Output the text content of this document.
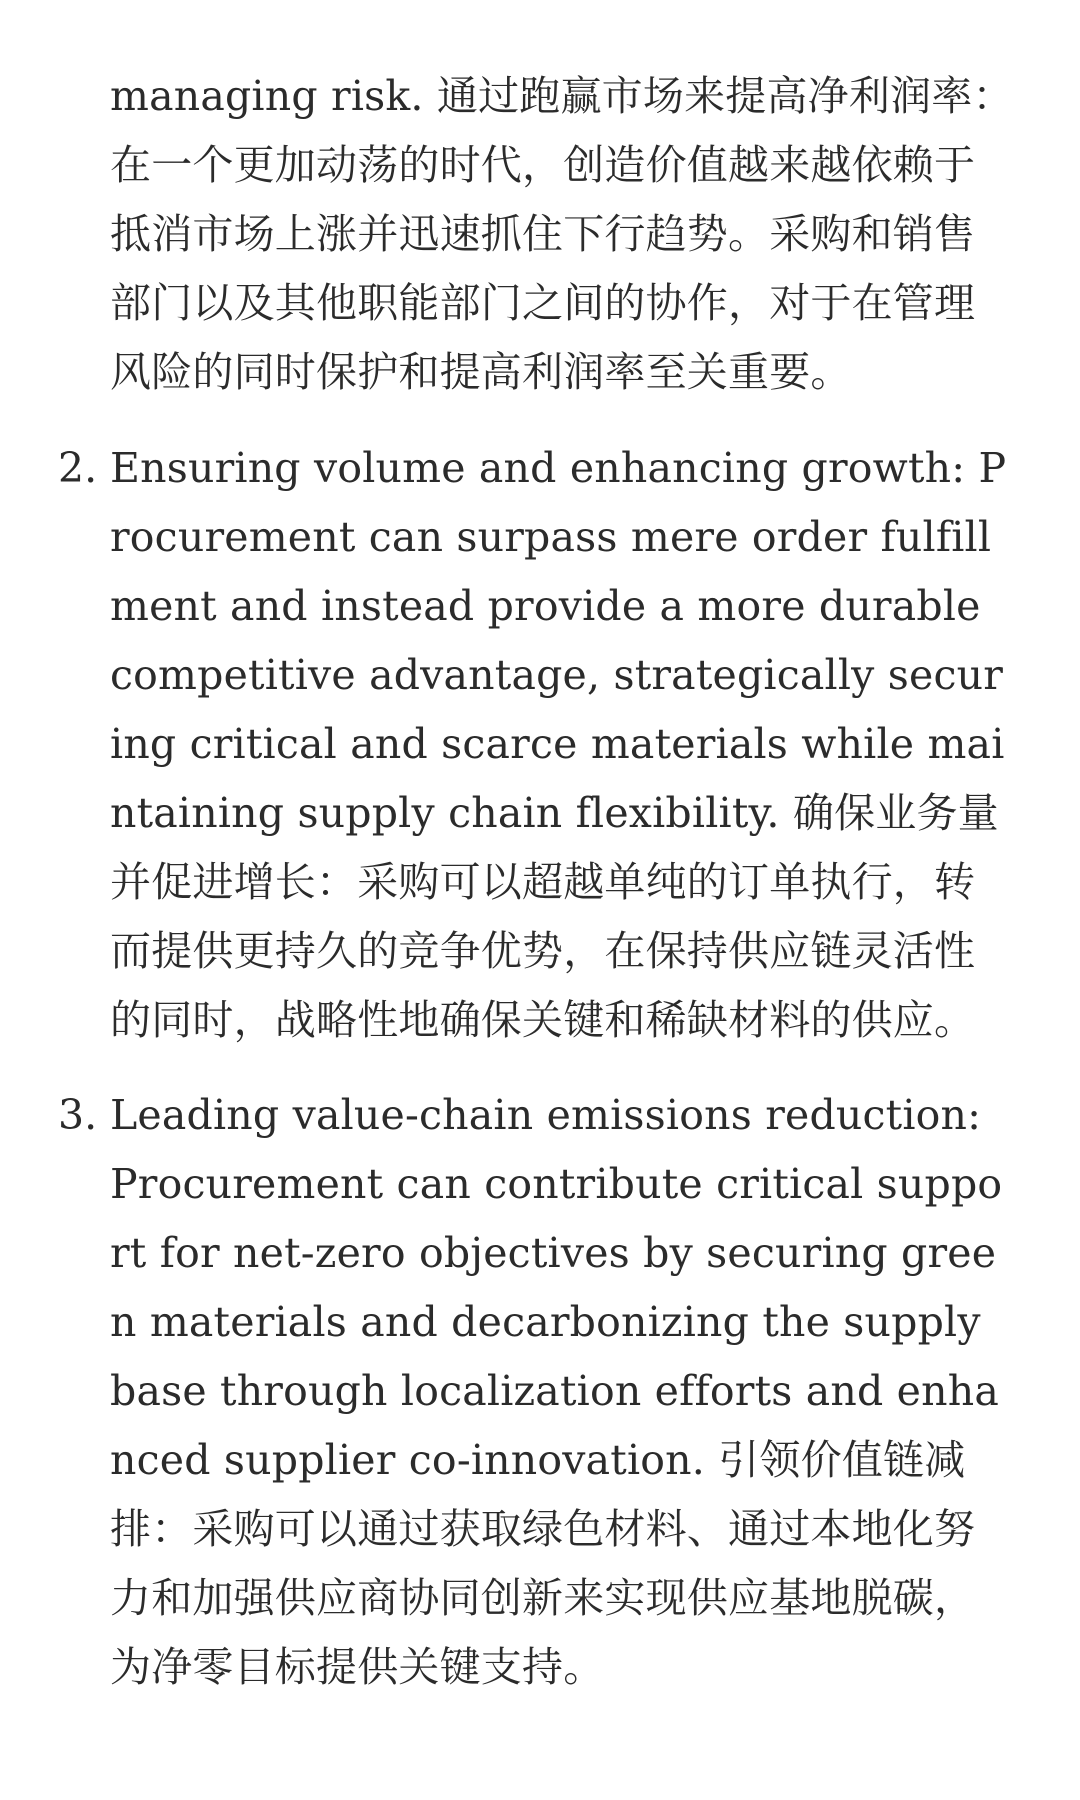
managing risk. 通过跑赢市场来提高净利润率：在一个更加动荡的时代，创造价值越来越依赖于抵消市场上涨并迅速抓住下行趋势。采购和销售部门以及其他职能部门之间的协作，对于在管理风险的同时保护和提高利润率至关重要。
2. Ensuring volume and enhancing growth: Procurement can surpass mere order fulfillment and instead provide a more durable competitive advantage, strategically securing critical and scarce materials while maintaining supply chain flexibility. 确保业务量并促进增长：采购可以超越单纯的订单执行，转而提供更持久的竞争优势，在保持供应链灵活性的同时，战略性地确保关键和稀缺材料的供应。
3. Leading value-chain emissions reduction: Procurement can contribute critical support for net-zero objectives by securing green materials and decarbonizing the supply base through localization efforts and enhanced supplier co-innovation. 引领价值链减排：采购可以通过获取绿色材料、通过本地化努力和加强供应商协同创新来实现供应基地脱碳，为净零目标提供关键支持。
